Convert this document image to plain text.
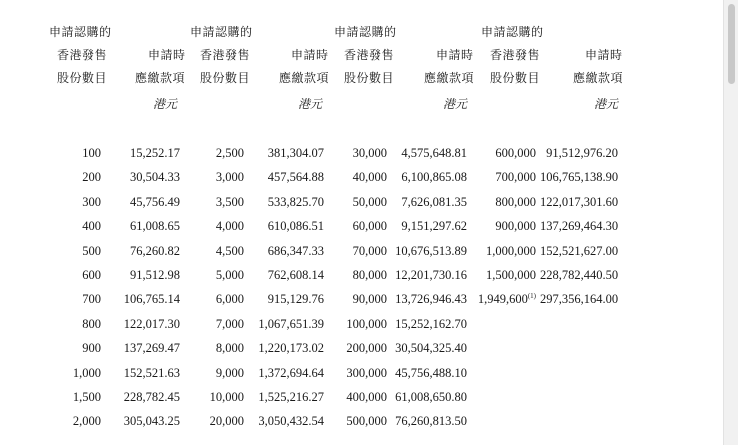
申請認購的
香港發售
股份數目
申請時
應繳款項
港元
100
200
300
400
500
600
700
800
900
1,000
1,500
2,000
15,252.17
30,504.33
45,756.49
61,008.65
76,260.82
91,512.98
106,765.14
122,017.30
137,269.47
152,521.63
228,782.45
305,043.25
申請認購的
香港發售
股份數目
申請時
應繳款項
港元
2,500
3,000
3,500
4,000
4,500
5,000
6,000
7,000
8,000
9,000
10,000
20,000
381,304.07
457,564.88
533,825.70
610,086.51
686,347.33
762,608.14
915,129.76
1,067,651.39
1,220,173.02
1,372,694.64
1,525,216.27
3,050,432.54
申請認購的
香港發售
股份數目
申請時
應繳款項
港元
30,000
40,000
50,000
60,000
70,000
80,000
90,000
100,000
200,000
300,000
400,000
500,000
4,575,648.81
6,100,865.08
7,626,081.35
9,151,297.62
10,676,513.89
12,201,730.16
13,726,946.43
15,252,162.70
30,504,325.40
45,756,488.10
61,008,650.80
76,260,813.50
申請認購的
香港發售
股份數目
申請時
應繳款項
港元
600,000
700,000
800,000
900,000
1,000,000
1,500,000
1,949,600$^{(1)}$
91,512,976.20
106,765,138.90
122,017,301.60
137,269,464.30
152,521,627.00
228,782,440.50
297,356,164.00
